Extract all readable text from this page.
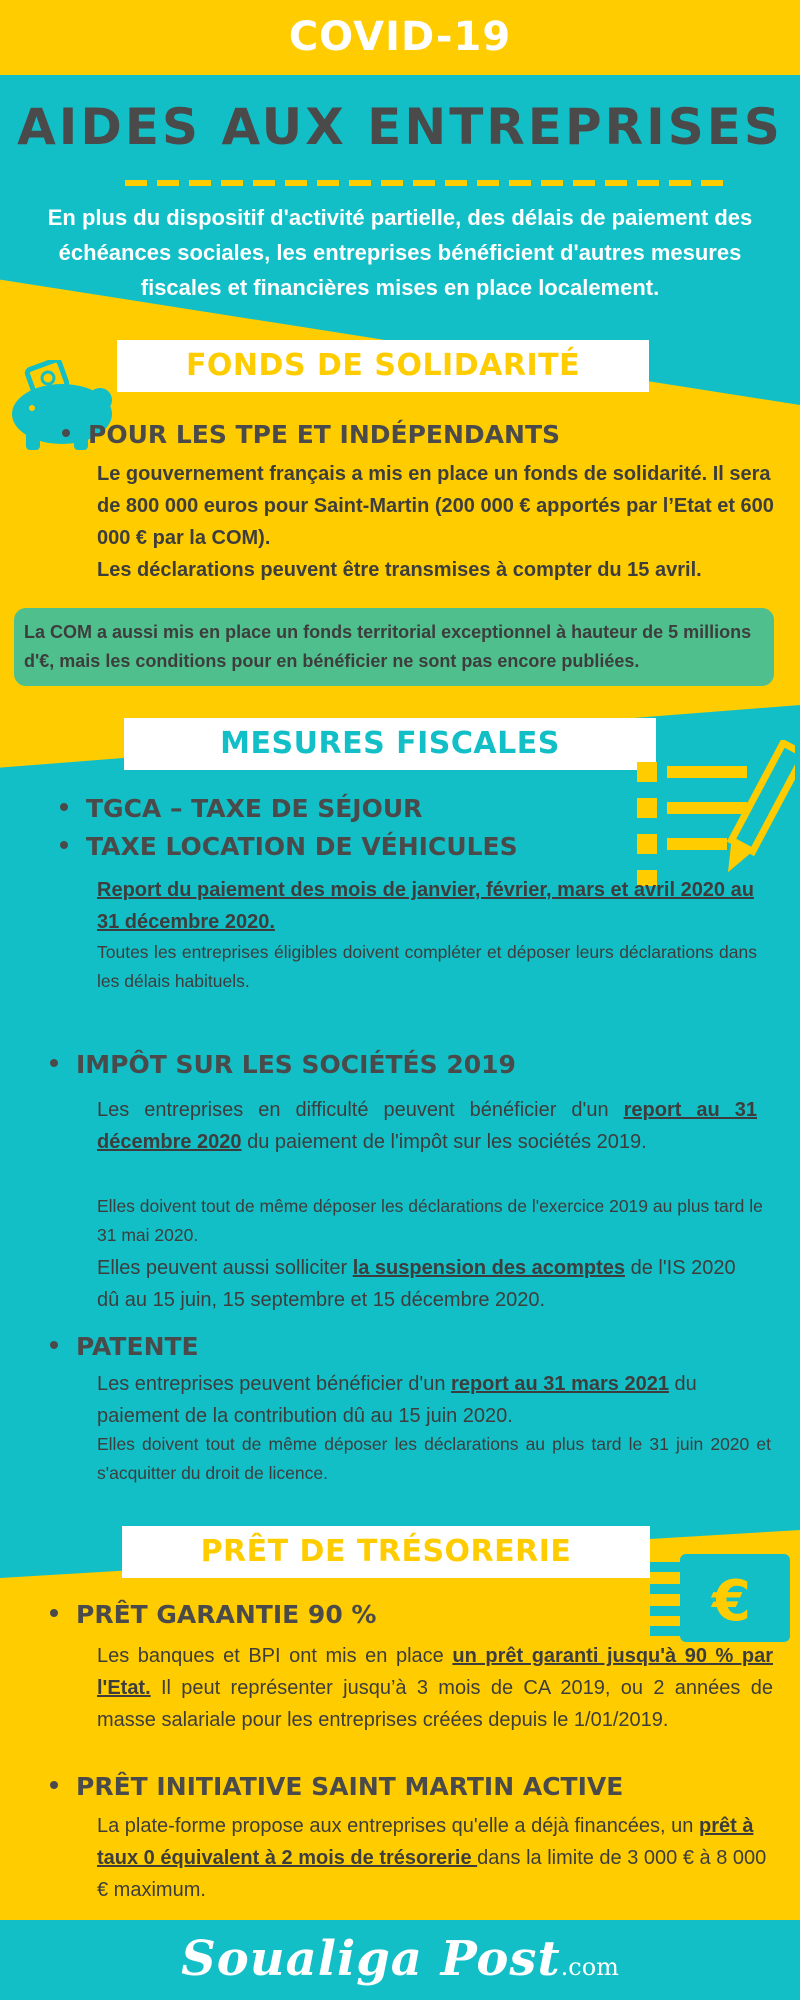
COVID-19
AIDES AUX ENTREPRISES
En plus du dispositif d'activité partielle, des délais de paiement des échéances sociales, les entreprises bénéficient d'autres mesures fiscales et financières mises en place localement.
FONDS DE SOLIDARITÉ
POUR LES TPE ET INDÉPENDANTS
Le gouvernement français a mis en place un fonds de solidarité. Il sera de 800 000 euros pour Saint-Martin (200 000 € apportés par l’Etat et 600 000 € par la COM).
Les déclarations peuvent être transmises à compter du 15 avril.
La COM a aussi mis en place un fonds territorial exceptionnel à hauteur de 5 millions d'€, mais les conditions pour en bénéficier ne sont pas encore publiées.
MESURES FISCALES
TGCA – TAXE DE SÉJOUR
TAXE LOCATION DE VÉHICULES
Report du paiement des mois de janvier, février, mars et avril 2020 au 31 décembre 2020.
Toutes les entreprises éligibles doivent compléter et déposer leurs déclarations dans les délais habituels.
IMPÔT SUR LES SOCIÉTÉS 2019
Les entreprises en difficulté peuvent bénéficier d'un report au 31 décembre 2020 du paiement de l'impôt sur les sociétés 2019.
Elles doivent tout de même déposer les déclarations de l'exercice 2019 au plus tard le 31 mai 2020.
Elles peuvent aussi solliciter la suspension des acomptes de l'IS 2020 dû au 15 juin, 15 septembre et 15 décembre 2020.
PATENTE
Les entreprises peuvent bénéficier d'un report au 31 mars 2021 du paiement de la contribution dû au 15 juin 2020.
Elles doivent tout de même déposer les déclarations au plus tard le 31 juin 2020 et s'acquitter du droit de licence.
PRÊT DE TRÉSORERIE
€
PRÊT GARANTIE 90 %
Les banques et BPI ont mis en place un prêt garanti jusqu'à 90 % par l'Etat. Il peut représenter jusqu’à 3 mois de CA 2019, ou 2 années de masse salariale pour les entreprises créées depuis le 1/01/2019.
PRÊT INITIATIVE SAINT MARTIN ACTIVE
La plate-forme propose aux entreprises qu'elle a déjà financées, un prêt à taux 0 équivalent à 2 mois de trésorerie dans la limite de 3 000 € à 8 000 € maximum.
Soualiga Post.com
